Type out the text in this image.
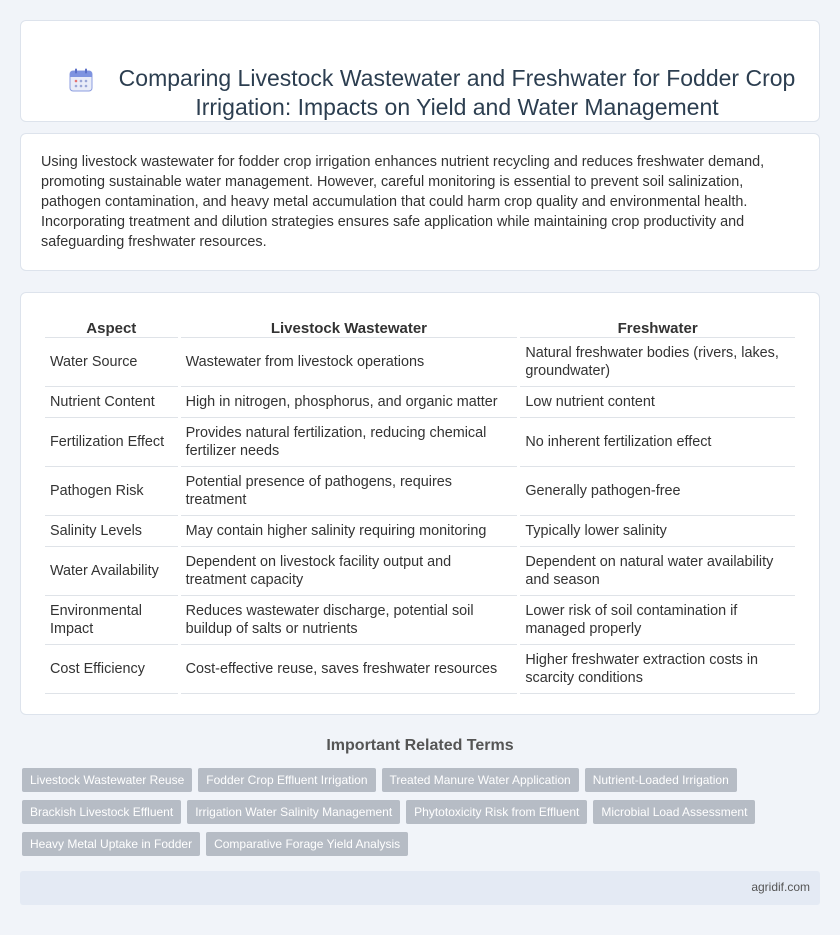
Comparing Livestock Wastewater and Freshwater for Fodder Crop Irrigation: Impacts on Yield and Water Management

Using livestock wastewater for fodder crop irrigation enhances nutrient recycling and reduces freshwater demand, promoting sustainable water management. However, careful monitoring is essential to prevent soil salinization, pathogen contamination, and heavy metal accumulation that could harm crop quality and environmental health. Incorporating treatment and dilution strategies ensures safe application while maintaining crop productivity and safeguarding freshwater resources.

Aspect	Livestock Wastewater	Freshwater
Water Source	Wastewater from livestock operations	Natural freshwater bodies (rivers, lakes, groundwater)
Nutrient Content	High in nitrogen, phosphorus, and organic matter	Low nutrient content
Fertilization Effect	Provides natural fertilization, reducing chemical fertilizer needs	No inherent fertilization effect
Pathogen Risk	Potential presence of pathogens, requires treatment	Generally pathogen-free
Salinity Levels	May contain higher salinity requiring monitoring	Typically lower salinity
Water Availability	Dependent on livestock facility output and treatment capacity	Dependent on natural water availability and season
Environmental Impact	Reduces wastewater discharge, potential soil buildup of salts or nutrients	Lower risk of soil contamination if managed properly
Cost Efficiency	Cost-effective reuse, saves freshwater resources	Higher freshwater extraction costs in scarcity conditions
Important Related Terms
Livestock Wastewater Reuse	Fodder Crop Effluent Irrigation	Treated Manure Water Application	Nutrient-Loaded Irrigation
Brackish Livestock Effluent	Irrigation Water Salinity Management	Phytotoxicity Risk from Effluent	Microbial Load Assessment
Heavy Metal Uptake in Fodder	Comparative Forage Yield Analysis
agridif.com
